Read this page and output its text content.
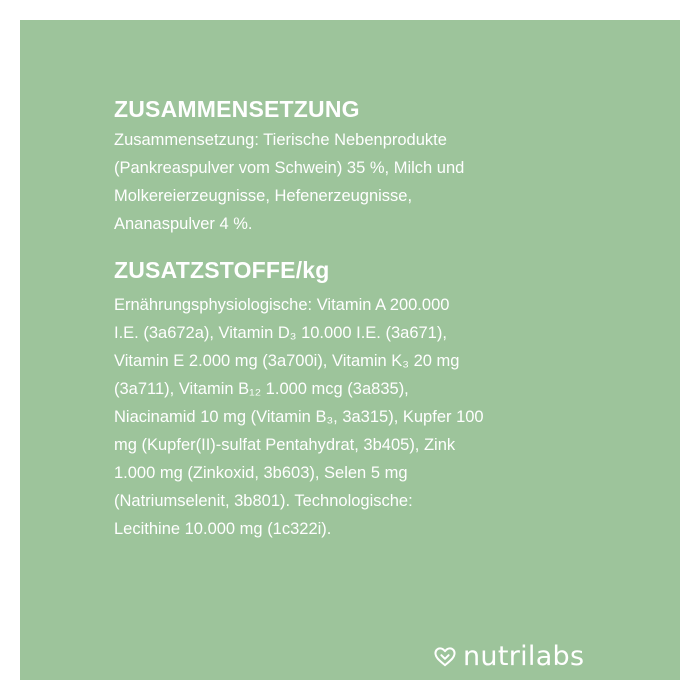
ZUSAMMENSETZUNG

Zusammensetzung: Tierische Nebenprodukte
(Pankreaspulver vom Schwein) 35 %, Milch und
Molkereierzeugnisse, Hefenerzeugnisse,
Ananaspulver 4 %.

ZUSATZSTOFFE/kg

Ernährungsphysiologische: Vitamin A 200.000
I.E. (3a672a), Vitamin D₃ 10.000 I.E. (3a671),
Vitamin E 2.000 mg (3a700i), Vitamin K₃ 20 mg
(3a711), Vitamin B₁₂ 1.000 mcg (3a835),
Niacinamid 10 mg (Vitamin B₃, 3a315), Kupfer 100
mg (Kupfer(II)-sulfat Pentahydrat, 3b405), Zink
1.000 mg (Zinkoxid, 3b603), Selen 5 mg
(Natriumselenit, 3b801). Technologische:
Lecithine 10.000 mg (1c322i).

nutrilabs
